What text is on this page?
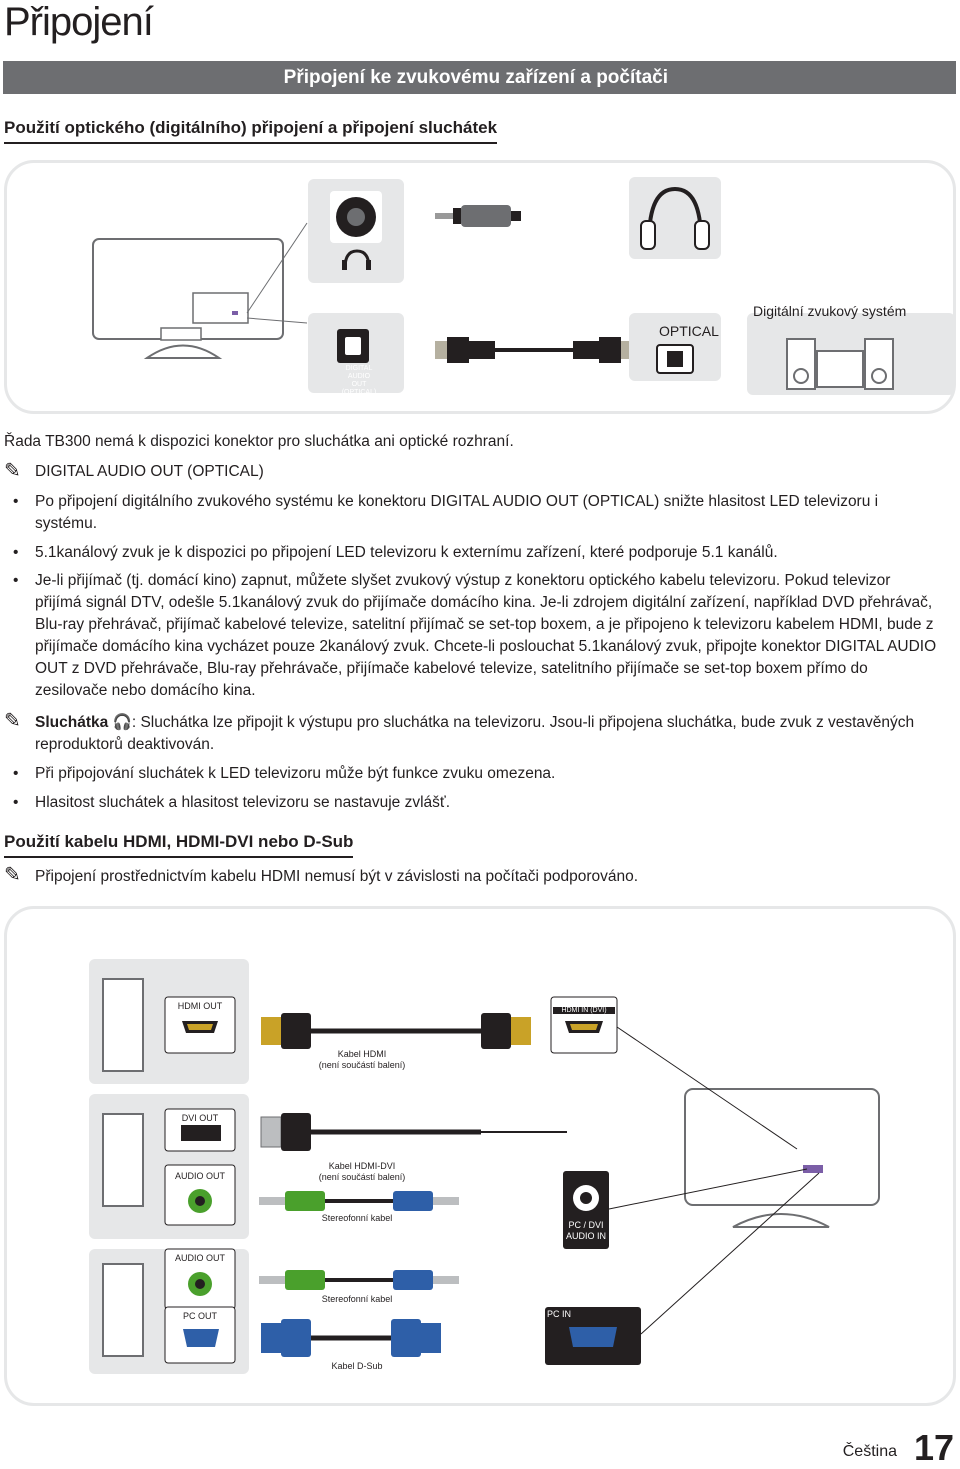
Připojení
Připojení ke zvukovému zařízení a počítači
Použití optického (digitálního) připojení a připojení sluchátek
DIGITAL AUDIO OUT (OPTICAL)
OPTICAL
Digitální zvukový systém
Řada TB300 nemá k dispozici konektor pro sluchátka ani optické rozhraní.
✎ DIGITAL AUDIO OUT (OPTICAL)
• Po připojení digitálního zvukového systému ke konektoru DIGITAL AUDIO OUT (OPTICAL) snižte hlasitost LED televizoru i systému.
• 5.1kanálový zvuk je k dispozici po připojení LED televizoru k externímu zařízení, které podporuje 5.1 kanálů.
• Je-li přijímač (tj. domácí kino) zapnut, můžete slyšet zvukový výstup z konektoru optického kabelu televizoru. Pokud televizor přijímá signál DTV, odešle 5.1kanálový zvuk do přijímače domácího kina. Je-li zdrojem digitální zařízení, například DVD přehrávač, Blu-ray přehrávač, přijímač kabelové televize, satelitní přijímač se set-top boxem, a je připojeno k televizoru kabelem HDMI, bude z přijímače domácího kina vycházet pouze 2kanálový zvuk. Chcete-li poslouchat 5.1kanálový zvuk, připojte konektor DIGITAL AUDIO OUT z DVD přehrávače, Blu-ray přehrávače, přijímače kabelové televize, satelitního přijímače se set-top boxem přímo do zesilovače nebo domácího kina.
✎ Sluchátka 🎧: Sluchátka lze připojit k výstupu pro sluchátka na televizoru. Jsou-li připojena sluchátka, bude zvuk z vestavěných reproduktorů deaktivován.
• Při připojování sluchátek k LED televizoru může být funkce zvuku omezena.
• Hlasitost sluchátek a hlasitost televizoru se nastavuje zvlášť.
Použití kabelu HDMI, HDMI-DVI nebo D-Sub
✎ Připojení prostřednictvím kabelu HDMI nemusí být v závislosti na počítači podporováno.
HDMI OUT	HDMI IN (DVI)
Kabel HDMI
(není součástí balení)
DVI OUT
Kabel HDMI-DVI
(není součástí balení)
AUDIO OUT
Stereofonní kabel
PC / DVI
AUDIO IN
AUDIO OUT
Stereofonní kabel
PC OUT	PC IN
Kabel D-Sub
Čeština 17
